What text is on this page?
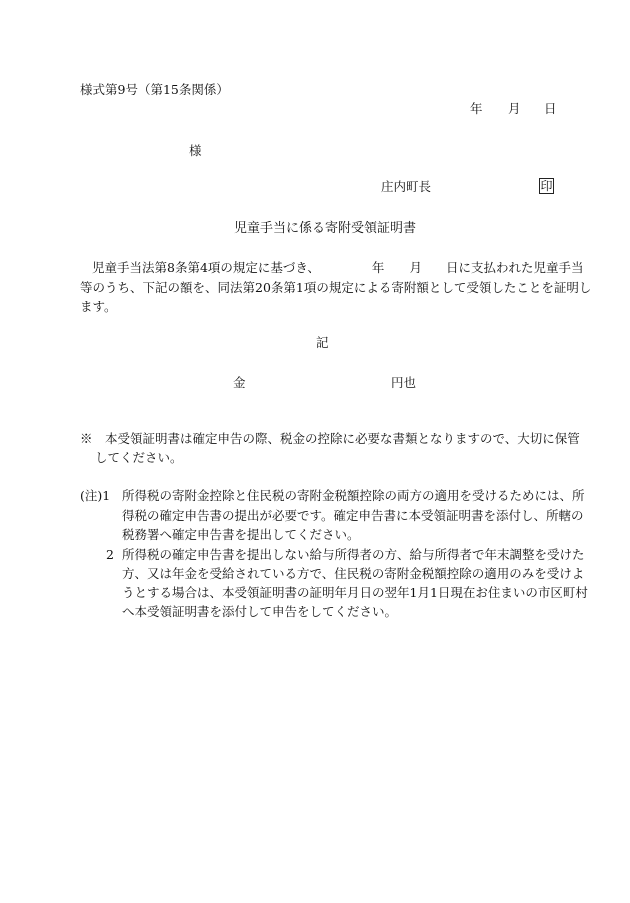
様式第9号（第15条関係）
年 月 日
様
庄内町長	印
児童手当に係る寄附受領証明書
児童手当法第8条第4項の規定に基づき、	年 月 日に支払われた児童手当
等のうち、下記の額を、同法第20条第1項の規定による寄附額として受領したことを証明し
ます。
記
金	円也
※　本受領証明書は確定申告の際、税金の控除に必要な書類となりますので、大切に保管
してください。
(注)1 所得税の寄附金控除と住民税の寄附金税額控除の両方の適用を受けるためには、所
得税の確定申告書の提出が必要です。確定申告書に本受領証明書を添付し、所轄の
税務署へ確定申告書を提出してください。
2 所得税の確定申告書を提出しない給与所得者の方、給与所得者で年末調整を受けた
方、又は年金を受給されている方で、住民税の寄附金税額控除の適用のみを受けよ
うとする場合は、本受領証明書の証明年月日の翌年1月1日現在お住まいの市区町村
へ本受領証明書を添付して申告をしてください。
